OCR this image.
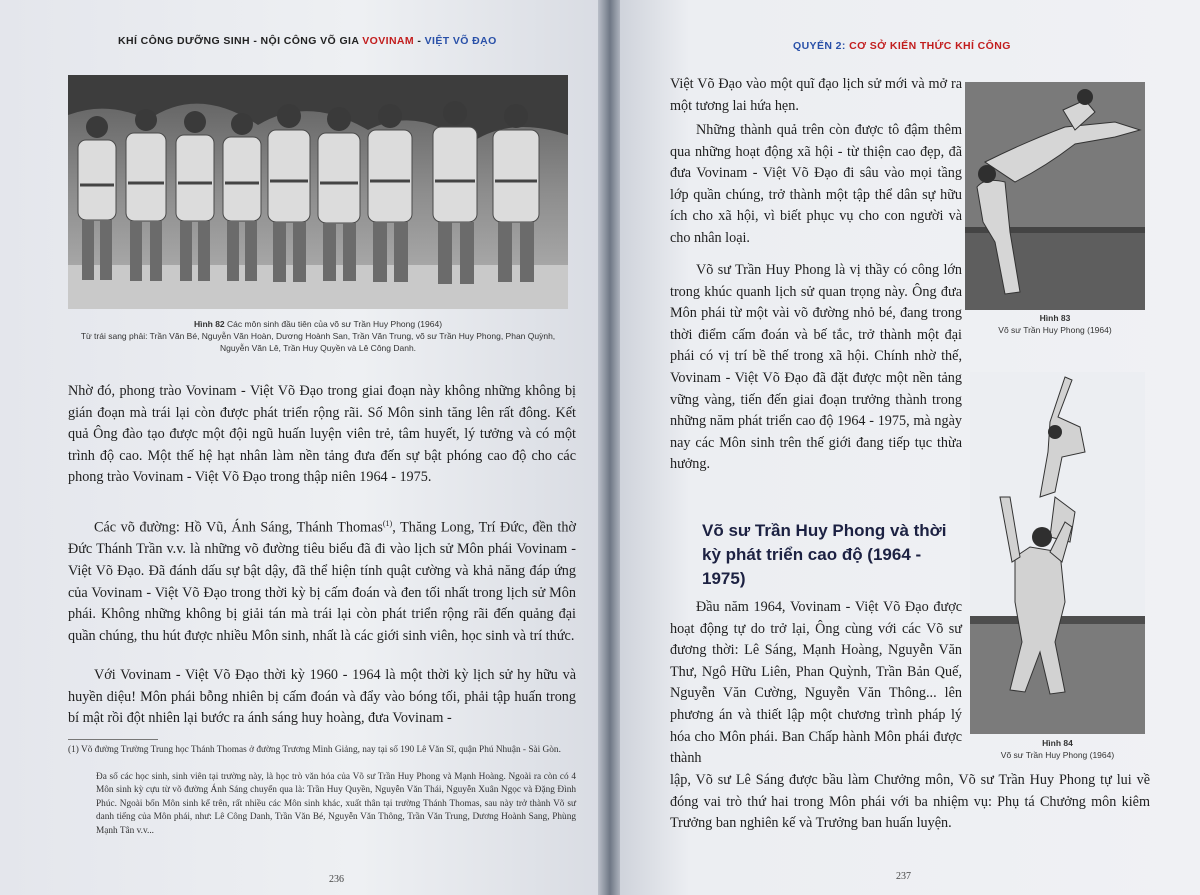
KHÍ CÔNG DƯỠNG SINH - NỘI CÔNG VÕ GIA VOVINAM - VIỆT VÕ ĐẠO
Hình 82 Các môn sinh đầu tiên của võ sư Trần Huy Phong (1964)
Từ trái sang phải: Trần Văn Bé, Nguyễn Văn Hoàn, Dương Hoành San, Trần Văn Trung, võ sư Trần Huy Phong, Phan Quỳnh, Nguyễn Văn Lê, Trần Huy Quyền và Lê Công Danh.

Nhờ đó, phong trào Vovinam - Việt Võ Đạo trong giai đoạn này không những không bị gián đoạn mà trái lại còn được phát triển rộng rãi. Số Môn sinh tăng lên rất đông. Kết quả Ông đào tạo được một đội ngũ huấn luyện viên trẻ, tâm huyết, lý tưởng và có một trình độ cao. Một thế hệ hạt nhân làm nền tảng đưa đến sự bật phóng cao độ cho các phong trào Vovinam - Việt Võ Đạo trong thập niên 1964 - 1975.

Các võ đường: Hồ Vũ, Ánh Sáng, Thánh Thomas$^{(1)}$, Thăng Long, Trí Đức, đền thờ Đức Thánh Trần v.v. là những võ đường tiêu biểu đã đi vào lịch sử Môn phái Vovinam - Việt Võ Đạo. Đã đánh dấu sự bật dậy, đã thể hiện tính quật cường và khả năng đáp ứng của Vovinam - Việt Võ Đạo trong thời kỳ bị cấm đoán và đen tối nhất trong lịch sử Môn phái. Không những không bị giải tán mà trái lại còn phát triển rộng rãi đến quảng đại quần chúng, thu hút được nhiều Môn sinh, nhất là các giới sinh viên, học sinh và trí thức.

Với Vovinam - Việt Võ Đạo thời kỳ 1960 - 1964 là một thời kỳ lịch sử hy hữu và huyền diệu! Môn phái bỗng nhiên bị cấm đoán và đẩy vào bóng tối, phải tập huấn trong bí mật rồi đột nhiên lại bước ra ánh sáng huy hoàng, đưa Vovinam -

(1) Võ đường Trường Trung học Thánh Thomas ở đường Trương Minh Giảng, nay tại số 190 Lê Văn Sĩ, quận Phú Nhuận - Sài Gòn.

Đa số các học sinh, sinh viên tại trường này, là học trò văn hóa của Võ sư Trần Huy Phong và Mạnh Hoàng. Ngoài ra còn có 4 Môn sinh kỳ cựu từ võ đường Ánh Sáng chuyển qua là: Trần Huy Quyền, Nguyễn Văn Thái, Nguyễn Xuân Ngọc và Đặng Đình Phúc. Ngoài bốn Môn sinh kể trên, rất nhiều các Môn sinh khác, xuất thân tại trường Thánh Thomas, sau này trở thành Võ sư danh tiếng của Môn phái, như: Lê Công Danh, Trần Văn Bé, Nguyễn Văn Thông, Trần Văn Trung, Dương Hoành Sang, Phùng Mạnh Tân v.v...

236
QUYỂN 2: CƠ SỞ KIẾN THỨC KHÍ CÔNG

Việt Võ Đạo vào một quĩ đạo lịch sử mới và mở ra một tương lai hứa hẹn.

Những thành quả trên còn được tô đậm thêm qua những hoạt động xã hội - từ thiện cao đẹp, đã đưa Vovinam - Việt Võ Đạo đi sâu vào mọi tầng lớp quần chúng, trở thành một tập thể dân sự hữu ích cho xã hội, vì biết phục vụ cho con người và cho nhân loại.

Võ sư Trần Huy Phong là vị thầy có công lớn trong khúc quanh lịch sử quan trọng này. Ông đưa Môn phái từ một vài võ đường nhỏ bé, đang trong thời điểm cấm đoán và bế tắc, trở thành một đại phái có vị trí bề thế trong xã hội. Chính nhờ thế, Vovinam - Việt Võ Đạo đã đặt được một nền tảng vững vàng, tiến đến giai đoạn trưởng thành trong những năm phát triển cao độ 1964 - 1975, mà ngày nay các Môn sinh trên thế giới đang tiếp tục thừa hưởng.

Võ sư Trần Huy Phong và thời kỳ phát triển cao độ (1964 - 1975)

Đầu năm 1964, Vovinam - Việt Võ Đạo được hoạt động tự do trở lại, Ông cùng với các Võ sư đương thời: Lê Sáng, Mạnh Hoàng, Nguyễn Văn Thư, Ngô Hữu Liên, Phan Quỳnh, Trần Bản Quế, Nguyễn Văn Cường, Nguyễn Văn Thông... lên phương án và thiết lập một chương trình pháp lý hóa cho Môn phái. Ban Chấp hành Môn phái được thành

lập, Võ sư Lê Sáng được bầu làm Chưởng môn, Võ sư Trần Huy Phong tự lui về đóng vai trò thứ hai trong Môn phái với ba nhiệm vụ: Phụ tá Chưởng môn kiêm Trưởng ban nghiên kế và Trưởng ban huấn luyện.

Hình 83
Võ sư Trần Huy Phong (1964)
Hình 84
Võ sư Trần Huy Phong (1964)
237
